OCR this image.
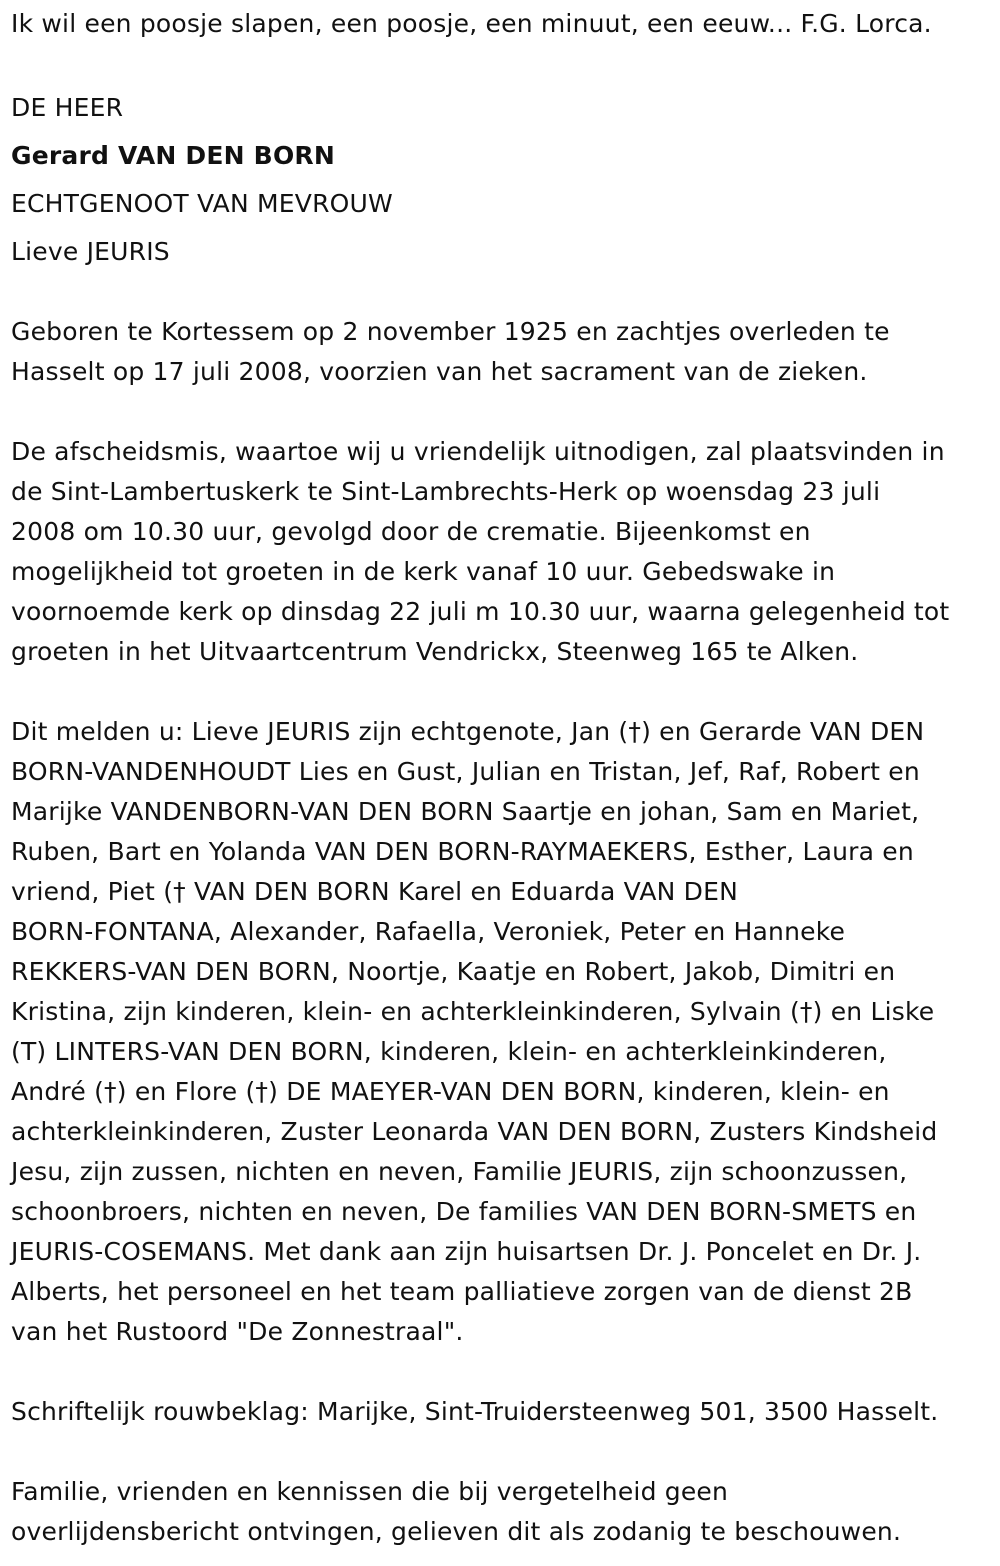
Ik wil een poosje slapen, een poosje, een minuut, een eeuw... F.G. Lorca.
DE HEER
Gerard VAN DEN BORN
ECHTGENOOT VAN MEVROUW
Lieve JEURIS
Geboren te Kortessem op 2 november 1925 en zachtjes overleden te
Hasselt op 17 juli 2008, voorzien van het sacrament van de zieken.
De afscheidsmis, waartoe wij u vriendelijk uitnodigen, zal plaatsvinden in
de Sint-Lambertuskerk te Sint-Lambrechts-Herk op woensdag 23 juli
2008 om 10.30 uur, gevolgd door de crematie. Bijeenkomst en
mogelijkheid tot groeten in de kerk vanaf 10 uur. Gebedswake in
voornoemde kerk op dinsdag 22 juli m 10.30 uur, waarna gelegenheid tot
groeten in het Uitvaartcentrum Vendrickx, Steenweg 165 te Alken.
Dit melden u: Lieve JEURIS zijn echtgenote, Jan (†) en Gerarde VAN DEN
BORN-VANDENHOUDT Lies en Gust, Julian en Tristan, Jef, Raf, Robert en
Marijke VANDENBORN-VAN DEN BORN Saartje en johan, Sam en Mariet,
Ruben, Bart en Yolanda VAN DEN BORN-RAYMAEKERS, Esther, Laura en
vriend, Piet († VAN DEN BORN Karel en Eduarda VAN DEN
BORN-FONTANA, Alexander, Rafaella, Veroniek, Peter en Hanneke
REKKERS-VAN DEN BORN, Noortje, Kaatje en Robert, Jakob, Dimitri en
Kristina, zijn kinderen, klein- en achterkleinkinderen, Sylvain (†) en Liske
(T) LINTERS-VAN DEN BORN, kinderen, klein- en achterkleinkinderen,
André (†) en Flore (†) DE MAEYER-VAN DEN BORN, kinderen, klein- en
achterkleinkinderen, Zuster Leonarda VAN DEN BORN, Zusters Kindsheid
Jesu, zijn zussen, nichten en neven, Familie JEURIS, zijn schoonzussen,
schoonbroers, nichten en neven, De families VAN DEN BORN-SMETS en
JEURIS-COSEMANS. Met dank aan zijn huisartsen Dr. J. Poncelet en Dr. J.
Alberts, het personeel en het team palliatieve zorgen van de dienst 2B
van het Rustoord "De Zonnestraal".
Schriftelijk rouwbeklag: Marijke, Sint-Truidersteenweg 501, 3500 Hasselt.
Familie, vrienden en kennissen die bij vergetelheid geen
overlijdensbericht ontvingen, gelieven dit als zodanig te beschouwen.
